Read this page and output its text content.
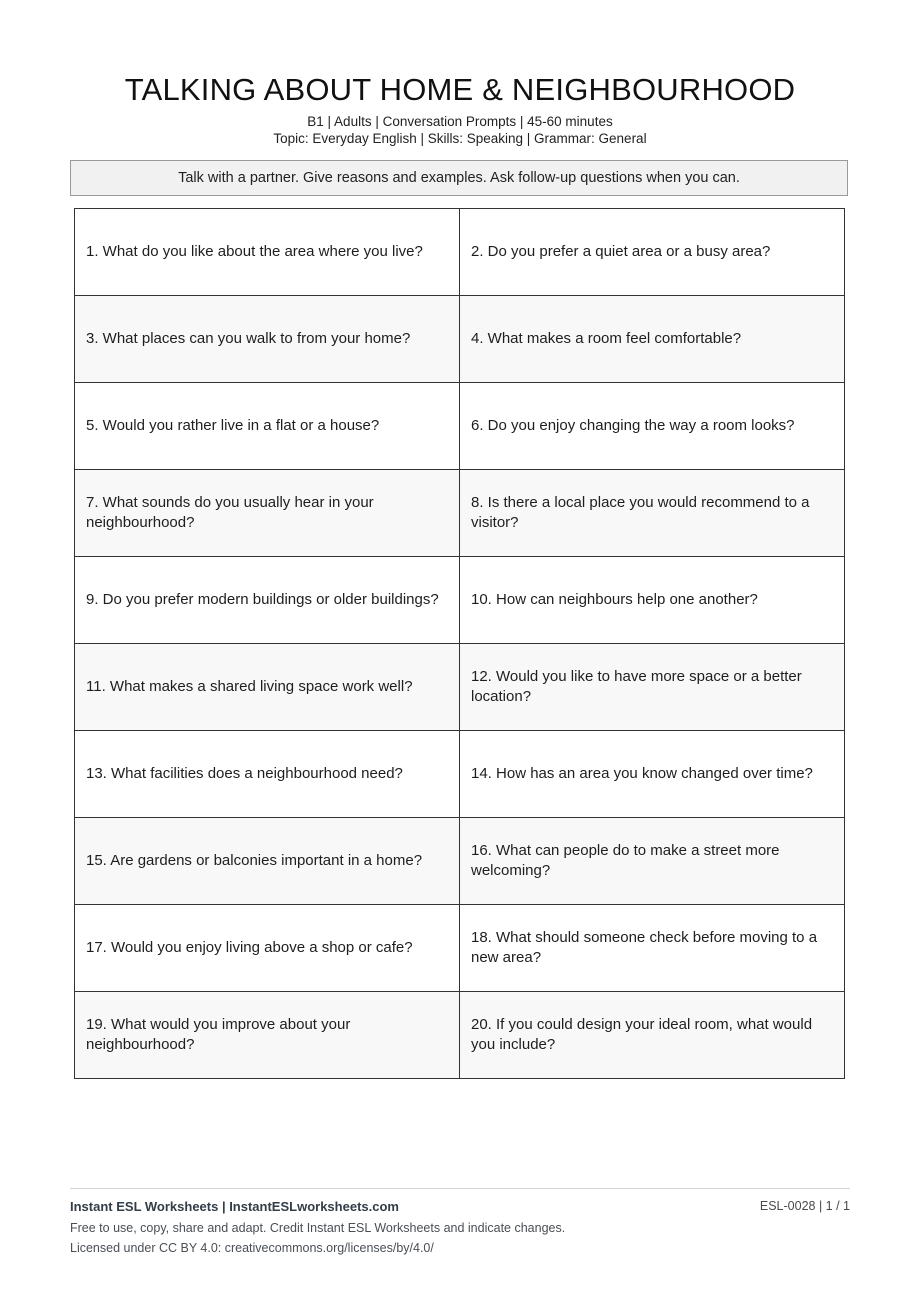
TALKING ABOUT HOME & NEIGHBOURHOOD
B1 | Adults | Conversation Prompts | 45-60 minutes
Topic: Everyday English | Skills: Speaking | Grammar: General
Talk with a partner. Give reasons and examples. Ask follow-up questions when you can.
1. What do you like about the area where you live?	2. Do you prefer a quiet area or a busy area?
3. What places can you walk to from your home?	4. What makes a room feel comfortable?
5. Would you rather live in a flat or a house?	6. Do you enjoy changing the way a room looks?
7. What sounds do you usually hear in your neighbourhood?	8. Is there a local place you would recommend to a visitor?
9. Do you prefer modern buildings or older buildings?	10. How can neighbours help one another?
11. What makes a shared living space work well?	12. Would you like to have more space or a better location?
13. What facilities does a neighbourhood need?	14. How has an area you know changed over time?
15. Are gardens or balconies important in a home?	16. What can people do to make a street more welcoming?
17. Would you enjoy living above a shop or cafe?	18. What should someone check before moving to a new area?
19. What would you improve about your neighbourhood?	20. If you could design your ideal room, what would you include?
Instant ESL Worksheets | InstantESLworksheets.com	ESL-0028 | 1 / 1
Free to use, copy, share and adapt. Credit Instant ESL Worksheets and indicate changes.
Licensed under CC BY 4.0: creativecommons.org/licenses/by/4.0/
